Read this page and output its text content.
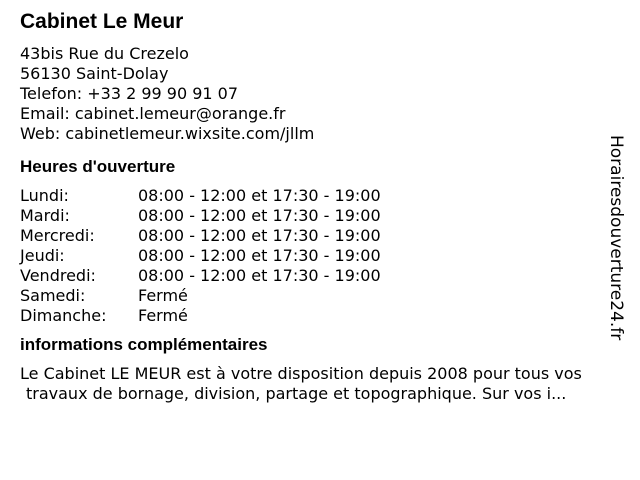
Cabinet Le Meur
43bis Rue du Crezelo
56130 Saint-Dolay
Telefon: +33 2 99 90 91 07
Email: cabinet.lemeur@orange.fr
Web: cabinetlemeur.wixsite.com/jllm
Heures d'ouverture
Lundi:	08:00 - 12:00 et 17:30 - 19:00
Mardi:	08:00 - 12:00 et 17:30 - 19:00
Mercredi:	08:00 - 12:00 et 17:30 - 19:00
Jeudi:	08:00 - 12:00 et 17:30 - 19:00
Vendredi:	08:00 - 12:00 et 17:30 - 19:00
Samedi:	Fermé
Dimanche:	Fermé
informations complémentaires
Le Cabinet LE MEUR est à votre disposition depuis 2008 pour tous vos
travaux de bornage, division, partage et topographique. Sur vos i...
Horairesdouverture24.fr
